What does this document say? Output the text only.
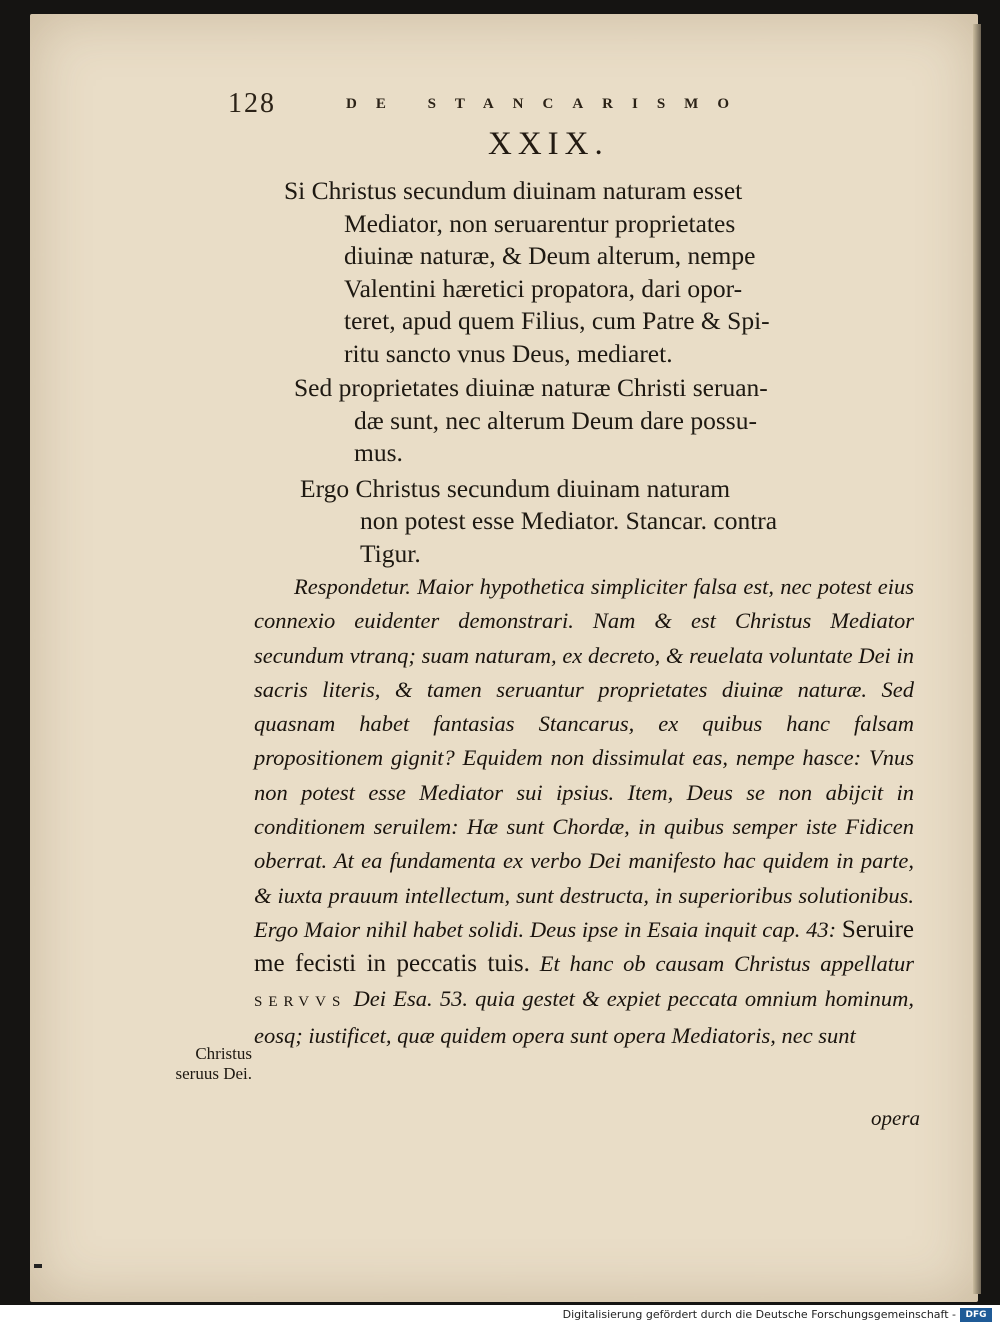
128	DE STANCARISMO
XXIX.
Si Christus secundum diuinam naturam esset
Mediator, non seruarentur proprietates
diuinæ naturæ, & Deum alterum, nempe
Valentini hæretici propatora, dari opor-
teret, apud quem Filius, cum Patre & Spi-
ritu sancto vnus Deus, mediaret.
Sed proprietates diuinæ naturæ Christi seruan-
dæ sunt, nec alterum Deum dare possu-
mus.
Ergo Christus secundum diuinam naturam
non potest esse Mediator. Stancar. contra
Tigur.
Respondetur. Maior hypothetica simpliciter falsa est, nec potest eius connexio euidenter demonstrari. Nam & est Christus Mediator secundum vtranq; suam naturam, ex decreto, & reuelata voluntate Dei in sacris literis, & tamen seruantur proprietates diuinæ naturæ. Sed quasnam habet fantasias Stancarus, ex quibus hanc falsam propositionem gignit? Equidem non dissimulat eas, nempe hasce: Vnus non potest esse Mediator sui ipsius. Item, Deus se non abijcit in conditionem seruilem: Hæ sunt Chordæ, in quibus semper iste Fidicen oberrat. At ea fundamenta ex verbo Dei manifesto hac quidem in parte, & iuxta prauum intellectum, sunt destructa, in superioribus solutionibus. Ergo Maior nihil habet solidi. Deus ipse in Esaia inquit cap. 43: Seruire me fecisti in peccatis tuis. Et hanc ob causam Christus appellatur SERVVS Dei Esa. 53. quia gestet & expiet peccata omnium hominum, eosq; iustificet, quæ quidem opera sunt opera Mediatoris, nec sunt
Christus
seruus Dei.
opera
Digitalisierung gefördert durch die Deutsche Forschungsgemeinschaft -	DFG
